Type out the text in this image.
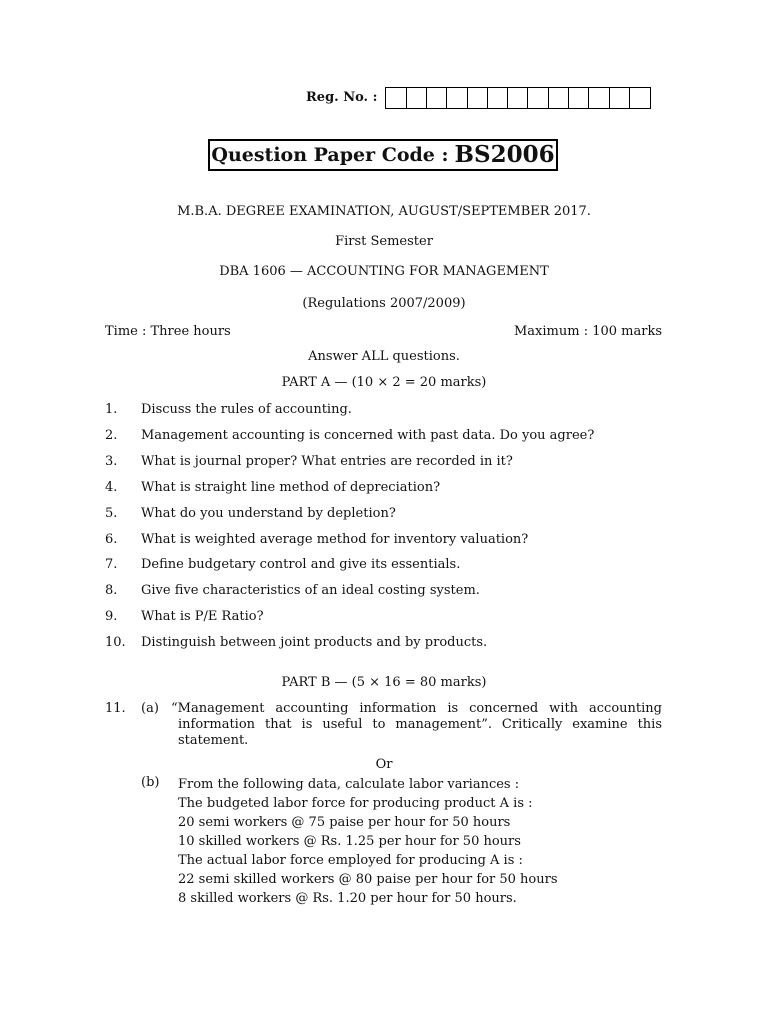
Reg. No. :
Question Paper Code : BS2006
M.B.A. DEGREE EXAMINATION, AUGUST/SEPTEMBER 2017.
First Semester
DBA 1606 — ACCOUNTING FOR MANAGEMENT
(Regulations 2007/2009)
Time : Three hours	Maximum : 100 marks
Answer ALL questions.
PART A — (10 × 2 = 20 marks)
1. Discuss the rules of accounting.
2. Management accounting is concerned with past data. Do you agree?
3. What is journal proper? What entries are recorded in it?
4. What is straight line method of depreciation?
5. What do you understand by depletion?
6. What is weighted average method for inventory valuation?
7. Define budgetary control and give its essentials.
8. Give five characteristics of an ideal costing system.
9. What is P/E Ratio?
10. Distinguish between joint products and by products.
PART B — (5 × 16 = 80 marks)
11. (a) “Management accounting information is concerned with accounting information that is useful to management”. Critically examine this statement.
Or
(b) From the following data, calculate labor variances :
The budgeted labor force for producing product A is :
20 semi workers @ 75 paise per hour for 50 hours
10 skilled workers @ Rs. 1.25 per hour for 50 hours
The actual labor force employed for producing A is :
22 semi skilled workers @ 80 paise per hour for 50 hours
8 skilled workers @ Rs. 1.20 per hour for 50 hours.
